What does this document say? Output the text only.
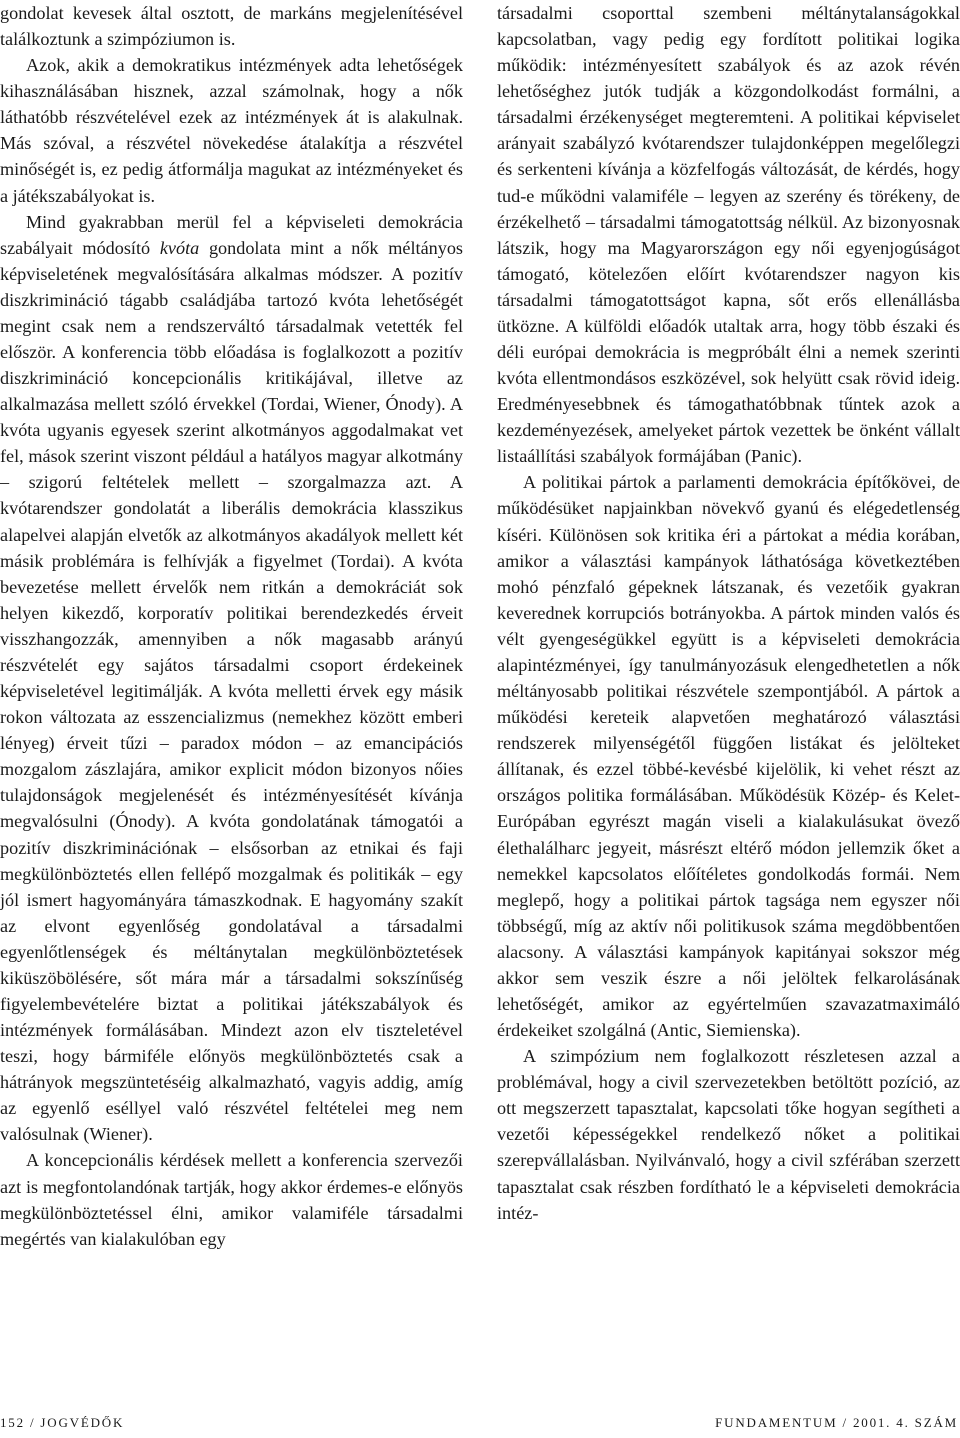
gondolat kevesek által osztott, de markáns megjelenítésével találkoztunk a szimpóziumon is.

Azok, akik a demokratikus intézmények adta lehetőségek kihasználásában hisznek, azzal számolnak, hogy a nők láthatóbb részvételével ezek az intézmények át is alakulnak. Más szóval, a részvétel növekedése átalakítja a részvétel minőségét is, ez pedig átformálja magukat az intézményeket és a játékszabályokat is.

Mind gyakrabban merül fel a képviseleti demokrácia szabályait módosító kvóta gondolata mint a nők méltányos képviseletének megvalósítására alkalmas módszer. A pozitív diszkrimináció tágabb családjába tartozó kvóta lehetőségét megint csak nem a rendszerváltó társadalmak vetették fel először. A konferencia több előadása is foglalkozott a pozitív diszkrimináció koncepcionális kritikájával, illetve az alkalmazása mellett szóló érvekkel (Tordai, Wiener, Ónody). A kvóta ugyanis egyesek szerint alkotmányos aggodalmakat vet fel, mások szerint viszont például a hatályos magyar alkotmány – szigorú feltételek mellett – szorgalmazza azt. A kvótarendszer gondolatát a liberális demokrácia klasszikus alapelvei alapján elvetők az alkotmányos akadályok mellett két másik problémára is felhívják a figyelmet (Tordai). A kvóta bevezetése mellett érvelők nem ritkán a demokráciát sok helyen kikezdő, korporatív politikai berendezkedés érveit visszhangozzák, amennyiben a nők magasabb arányú részvételét egy sajátos társadalmi csoport érdekeinek képviseletével legitimálják. A kvóta melletti érvek egy másik rokon változata az esszencializmus (nemekhez között emberi lényeg) érveit tűzi – paradox módon – az emancipációs mozgalom zászlajára, amikor explicit módon bizonyos nőies tulajdonságok megjelenését és intézményesítését kívánja megvalósulni (Ónody). A kvóta gondolatának támogatói a pozitív diszkriminációnak – elsősorban az etnikai és faji megkülönböztetés ellen fellépő mozgalmak és politikák – egy jól ismert hagyományára támaszkodnak. E hagyomány szakít az elvont egyenlőség gondolatával a társadalmi egyenlőtlenségek és méltánytalan megkülönböztetések kiküszöbölésére, sőt mára már a társadalmi sokszínűség figyelembevételére biztat a politikai játékszabályok és intézmények formálásában. Mindezt azon elv tiszteletével teszi, hogy bármiféle előnyös megkülönböztetés csak a hátrányok megszüntetéséig alkalmazható, vagyis addig, amíg az egyenlő eséllyel való részvétel feltételei meg nem valósulnak (Wiener).

A koncepcionális kérdések mellett a konferencia szervezői azt is megfontolandónak tartják, hogy akkor érdemes-e előnyös megkülönböztetéssel élni, amikor valamiféle társadalmi megértés van kialakulóban egy

társadalmi csoporttal szembeni méltánytalanságokkal kapcsolatban, vagy pedig egy fordított politikai logika működik: intézményesített szabályok és az azok révén lehetőséghez jutók tudják a közgondolkodást formálni, a társadalmi érzékenységet megteremteni. A politikai képviselet arányait szabályzó kvótarendszer tulajdonképpen megelőlegzi és serkenteni kívánja a közfelfogás változását, de kérdés, hogy tud-e működni valamiféle – legyen az szerény és törékeny, de érzékelhető – társadalmi támogatottság nélkül. Az bizonyosnak látszik, hogy ma Magyarországon egy női egyenjogúságot támogató, kötelezően előírt kvótarendszer nagyon kis társadalmi támogatottságot kapna, sőt erős ellenállásba ütközne. A külföldi előadók utaltak arra, hogy több északi és déli európai demokrácia is megpróbált élni a nemek szerinti kvóta ellentmondásos eszközével, sok helyütt csak rövid ideig. Eredményesebbnek és támogathatóbbnak tűntek azok a kezdeményezések, amelyeket pártok vezettek be önként vállalt listaállítási szabályok formájában (Panic).

A politikai pártok a parlamenti demokrácia építőkövei, de működésüket napjainkban növekvő gyanú és elégedetlenség kíséri. Különösen sok kritika éri a pártokat a média korában, amikor a választási kampányok láthatósága következtében mohó pénzfaló gépeknek látszanak, és vezetőik gyakran keverednek korrupciós botrányokba. A pártok minden valós és vélt gyengeségükkel együtt is a képviseleti demokrácia alapintézményei, így tanulmányozásuk elengedhetetlen a nők méltányosabb politikai részvétele szempontjából. A pártok a működési kereteik alapvetően meghatározó választási rendszerek milyenségétől függően listákat és jelölteket állítanak, és ezzel többé-kevésbé kijelölik, ki vehet részt az országos politika formálásában. Működésük Közép- és Kelet-Európában egyrészt magán viseli a kialakulásukat övező élethalálharc jegyeit, másrészt eltérő módon jellemzik őket a nemekkel kapcsolatos előítéletes gondolkodás formái. Nem meglepő, hogy a politikai pártok tagsága nem egyszer női többségű, míg az aktív női politikusok száma megdöbbentően alacsony. A választási kampányok kapitányai sokszor még akkor sem veszik észre a női jelöltek felkarolásának lehetőségét, amikor az egyértelműen szavazatmaximáló érdekeiket szolgálná (Antic, Siemienska).

A szimpózium nem foglalkozott részletesen azzal a problémával, hogy a civil szervezetekben betöltött pozíció, az ott megszerzett tapasztalat, kapcsolati tőke hogyan segítheti a vezetői képességekkel rendelkező nőket a politikai szerepvállalásban. Nyilvánvaló, hogy a civil szférában szerzett tapasztalat csak részben fordítható le a képviseleti demokrácia intéz-

152 / JOGVÉDŐK	FUNDAMENTUM / 2001. 4. SZÁM
